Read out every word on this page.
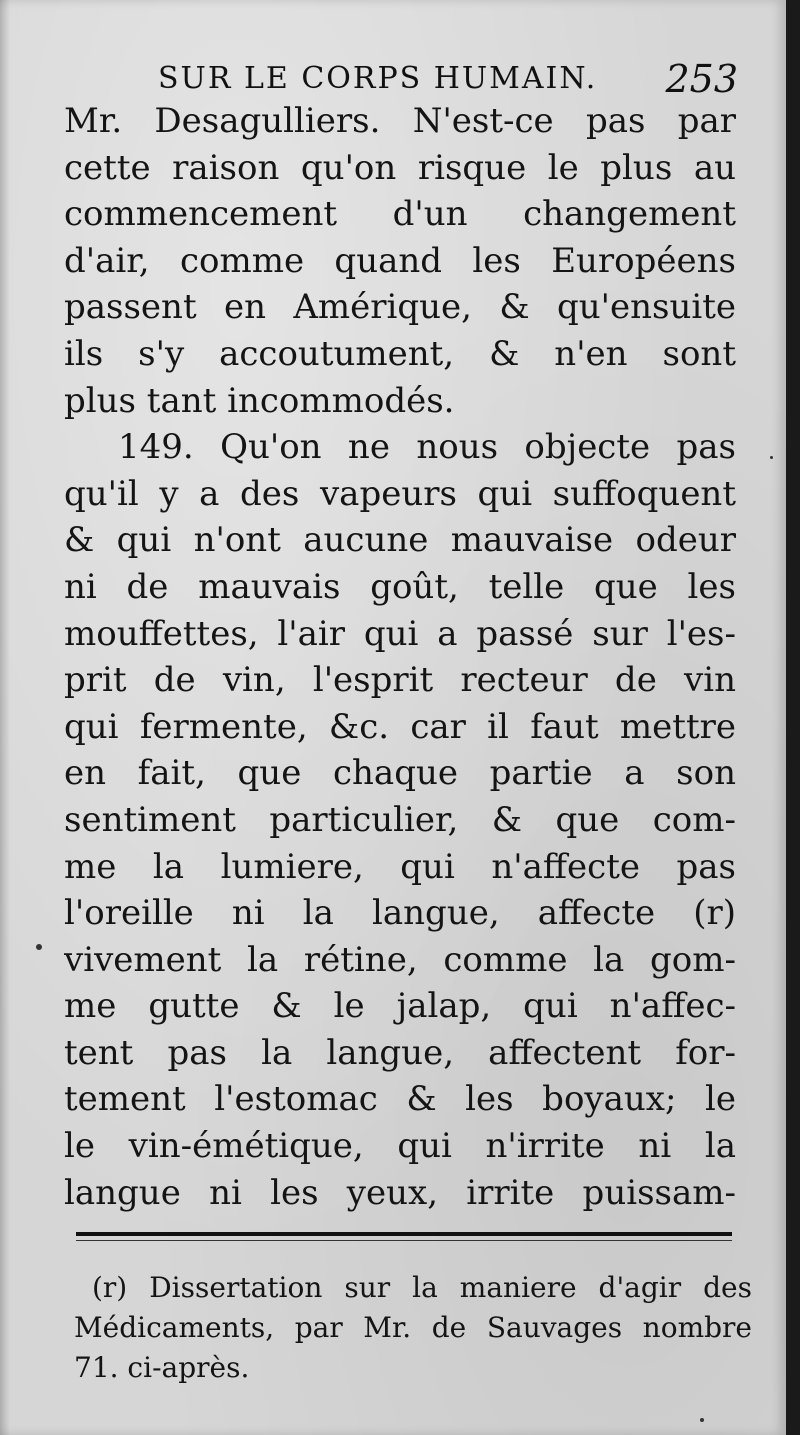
SUR LE CORPS HUMAIN. 253
Mr. Desagulliers. N'est-ce pas par
cette raison qu'on risque le plus au
commencement d'un changement
d'air, comme quand les Européens
passent en Amérique, & qu'ensuite
ils s'y accoutument, & n'en sont
plus tant incommodés.
149. Qu'on ne nous objecte pas
qu'il y a des vapeurs qui suffoquent
& qui n'ont aucune mauvaise odeur
ni de mauvais goût, telle que les
mouffettes, l'air qui a passé sur l'es-
prit de vin, l'esprit recteur de vin
qui fermente, &c. car il faut mettre
en fait, que chaque partie a son
sentiment particulier, & que com-
me la lumiere, qui n'affecte pas
l'oreille ni la langue, affecte (r)
vivement la rétine, comme la gom-
me gutte & le jalap, qui n'affec-
tent pas la langue, affectent for-
tement l'estomac & les boyaux; le
le vin-émétique, qui n'irrite ni la
langue ni les yeux, irrite puissam-
(r) Dissertation sur la maniere d'agir des
Médicaments, par Mr. de Sauvages nombre
71. ci-après.
